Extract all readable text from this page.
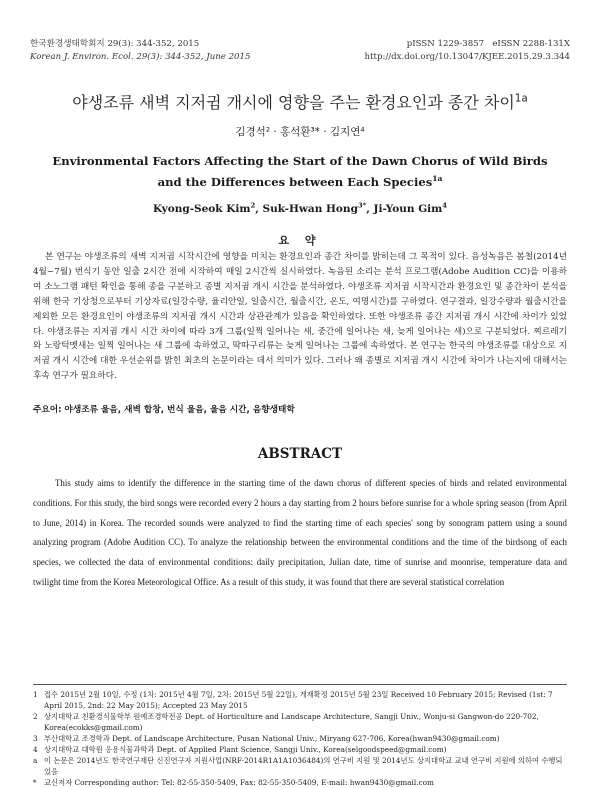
한국환경생태학회지 29(3): 344-352, 2015
Korean J. Environ. Ecol. 29(3): 344-352, June 2015
pISSN 1229-3857   eISSN 2288-131X
http://dx.doi.org/10.13047/KJEE.2015.29.3.344
야생조류 새벽 지저귐 개시에 영향을 주는 환경요인과 종간 차이$^{1a}$
김경석² · 홍석환³* · 김지연⁴
Environmental Factors Affecting the Start of the Dawn Chorus of Wild Birds and the Differences between Each Species$^{1a}$
Kyong-Seok Kim$^2$, Suk-Hwan Hong$^{3*}$, Ji-Youn Gim$^4$
요 약

본 연구는 야생조류의 새벽 지저귐 시작시간에 영향을 미치는 환경요인과 종간 차이를 밝히는데 그 목적이 있다. 음성녹음은 봄철(2014년 4월~7월) 번식기 동안 일출 2시간 전에 시작하여 매일 2시간씩 실시하였다. 녹음된 소리는 분석 프로그램(Adobe Audition CC)을 이용하여 소노그램 패턴 확인을 통해 종을 구분하고 종별 지저귐 개시 시간을 분석하였다. 야생조류 지저귐 시작시간과 환경요인 및 종간차이 분석을 위해 한국 기상청으로부터 기상자료(일강수량, 율리안일, 일출시간, 월출시간, 온도, 여명시간)를 구하였다. 연구결과, 일강수량과 월출시간을 제외한 모든 환경요인이 야생조류의 지저귐 개시 시간과 상관관계가 있음을 확인하였다. 또한 야생조류 종간 지저귐 개시 시간에 차이가 있었다. 야생조류는 지저귐 개시 시간 차이에 따라 3개 그룹(일찍 일어나는 새, 중간에 일어나는 새, 늦게 일어나는 새)으로 구분되었다. 찌르레기와 노랑턱멧새는 일찍 일어나는 새 그룹에 속하였고, 딱따구리류는 늦게 일어나는 그룹에 속하였다. 본 연구는 한국의 야생조류를 대상으로 지저귐 개시 시간에 대한 우선순위를 밝힌 최초의 논문이라는 데서 의미가 있다. 그러나 왜 종별로 지저귐 개시 시간에 차이가 나는지에 대해서는 후속 연구가 필요하다.

주요어: 야생조류 울음, 새벽 합창, 번식 울음, 울음 시간, 음향생태학
ABSTRACT

This study aims to identify the difference in the starting time of the dawn chorus of different species of birds and related environmental conditions. For this study, the bird songs were recorded every 2 hours a day starting from 2 hours before sunrise for a whole spring season (from April to June, 2014) in Korea. The recorded sounds were analyzed to find the starting time of each species' song by sonogram pattern using a sound analyzing program (Adobe Audition CC). To analyze the relationship between the environmental conditions and the time of the birdsong of each species, we collected the data of environmental conditions: daily precipitation, Julian date, time of sunrise and moonrise, temperature data and twilight time from the Korea Meteorological Office. As a result of this study, it was found that there are several statistical correlation

1 접수 2015년 2월 10일, 수정 (1차: 2015년 4월 7일, 2차: 2015년 5월 22일), 게재확정 2015년 5월 23일 Received 10 February 2015; Revised (1st: 7 April 2015, 2nd: 22 May 2015); Accepted 23 May 2015
2 상지대학교 친환경식물학부 원예조경학전공 Dept. of Horticulture and Landscape Architecture, Sangji Univ., Wonju-si Gangwon-do 220-702, Korea(ecokks@gmail.com)
3 부산대학교 조경학과 Dept. of Landscape Architecture, Pusan National Univ., Miryang 627-706, Korea(hwan9430@gmail.com)
4 상지대학교 대학원 응용식물과학과 Dept. of Applied Plant Science, Sangji Univ., Korea(selgoodspeed@gmail.com)
a 이 논문은 2014년도 한국연구재단 신진연구자 지원사업(NRF-2014R1A1A1036484)의 연구비 지원 및 2014년도 상지대학교 교내 연구비 지원에 의하여 수행되었음
*	교신저자 Corresponding author: Tel: 82-55-350-5409, Fax: 82-55-350-5409, E-mail: hwan9430@gmail.com
